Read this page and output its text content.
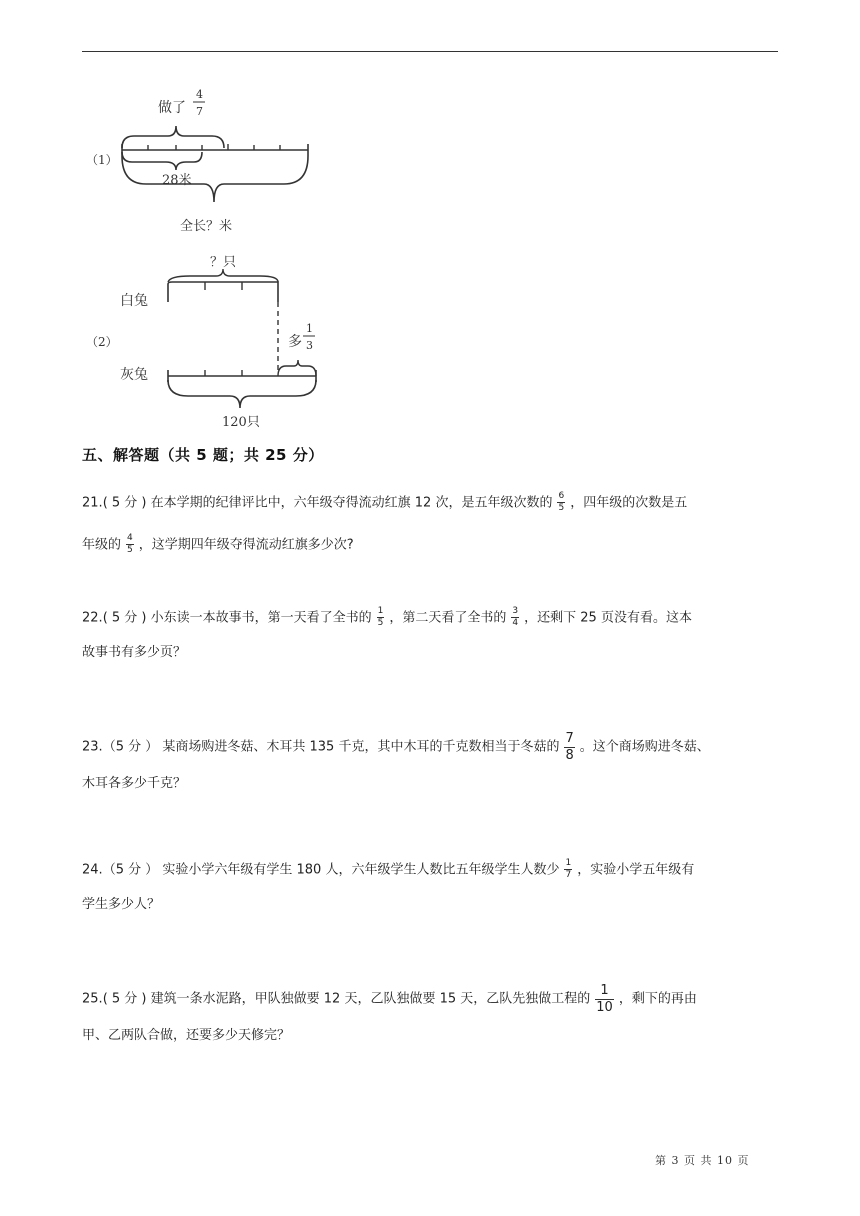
（1）
做了
4
7
28米
全长？米
（2）
？只
白兔
多
1
3
灰兔
120只
五、解答题（共 5 题；共 25 分）
21.( 5 分 ) 在本学期的纪律评比中，六年级夺得流动红旗 12 次，是五年级次数的 $\frac{6}{5}$ ，四年级的次数是五
年级的 $\frac{4}{5}$ ，这学期四年级夺得流动红旗多少次?
22.( 5 分 ) 小东读一本故事书，第一天看了全书的 $\frac{1}{5}$ ，第二天看了全书的 $\frac{3}{4}$ ，还剩下 25 页没有看。这本
故事书有多少页？
23.（5 分 ） 某商场购进冬菇、木耳共 135 千克，其中木耳的千克数相当于冬菇的 $\frac{7}{8}$ 。这个商场购进冬菇、
木耳各多少千克？
24.（5 分 ） 实验小学六年级有学生 180 人，六年级学生人数比五年级学生人数少 $\frac{1}{7}$ ，实验小学五年级有
学生多少人？
25.( 5 分 ) 建筑一条水泥路，甲队独做要 12 天，乙队独做要 15 天，乙队先独做工程的 $\frac{1}{10}$ ，剩下的再由
甲、乙两队合做，还要多少天修完？
第 3 页 共 10 页
